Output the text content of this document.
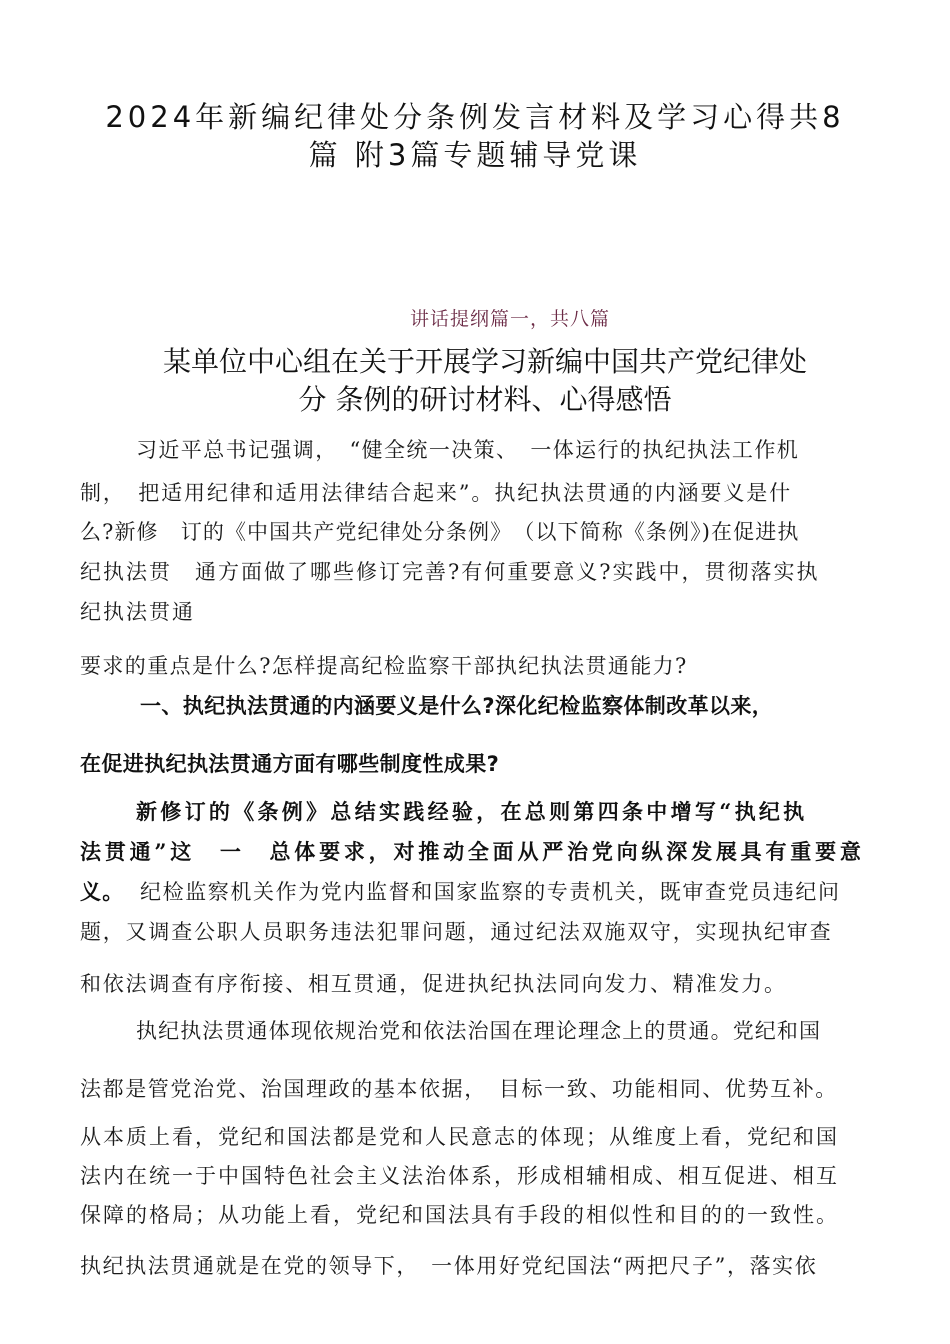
2024年新编纪律处分条例发言材料及学习心得共8
篇 附3篇专题辅导党课
讲话提纲篇一，共八篇
某单位中心组在关于开展学习新编中国共产党纪律处
分 条例的研讨材料、心得感悟
习近平总书记强调，　“健全统一决策、　一体运行的执纪执法工作机
制，　把适用纪律和适用法律结合起来”。执纪执法贯通的内涵要义是什
么?新修　订的《中国共产党纪律处分条例》　（以下简称《条例》)在促进执
纪执法贯　通方面做了哪些修订完善?有何重要意义?实践中，贯彻落实执
纪执法贯通
要求的重点是什么?怎样提高纪检监察干部执纪执法贯通能力?
一、执纪执法贯通的内涵要义是什么?深化纪检监察体制改革以来，
在促进执纪执法贯通方面有哪些制度性成果?
新修订的《条例》总结实践经验，在总则第四条中增写“执纪执
法贯通”这　一　总体要求，对推动全面从严治党向纵深发展具有重要意
义。 纪检监察机关作为党内监督和国家监察的专责机关，既审查党员违纪问
题，又调查公职人员职务违法犯罪问题，通过纪法双施双守，实现执纪审查
和依法调查有序衔接、相互贯通，促进执纪执法同向发力、精准发力。
执纪执法贯通体现依规治党和依法治国在理论理念上的贯通。党纪和国
法都是管党治党、治国理政的基本依据，　目标一致、功能相同、优势互补。
从本质上看，党纪和国法都是党和人民意志的体现；从维度上看，党纪和国
法内在统一于中国特色社会主义法治体系，形成相辅相成、相互促进、相互
保障的格局；从功能上看，党纪和国法具有手段的相似性和目的的一致性。
执纪执法贯通就是在党的领导下，　一体用好党纪国法“两把尺子”，落实依
